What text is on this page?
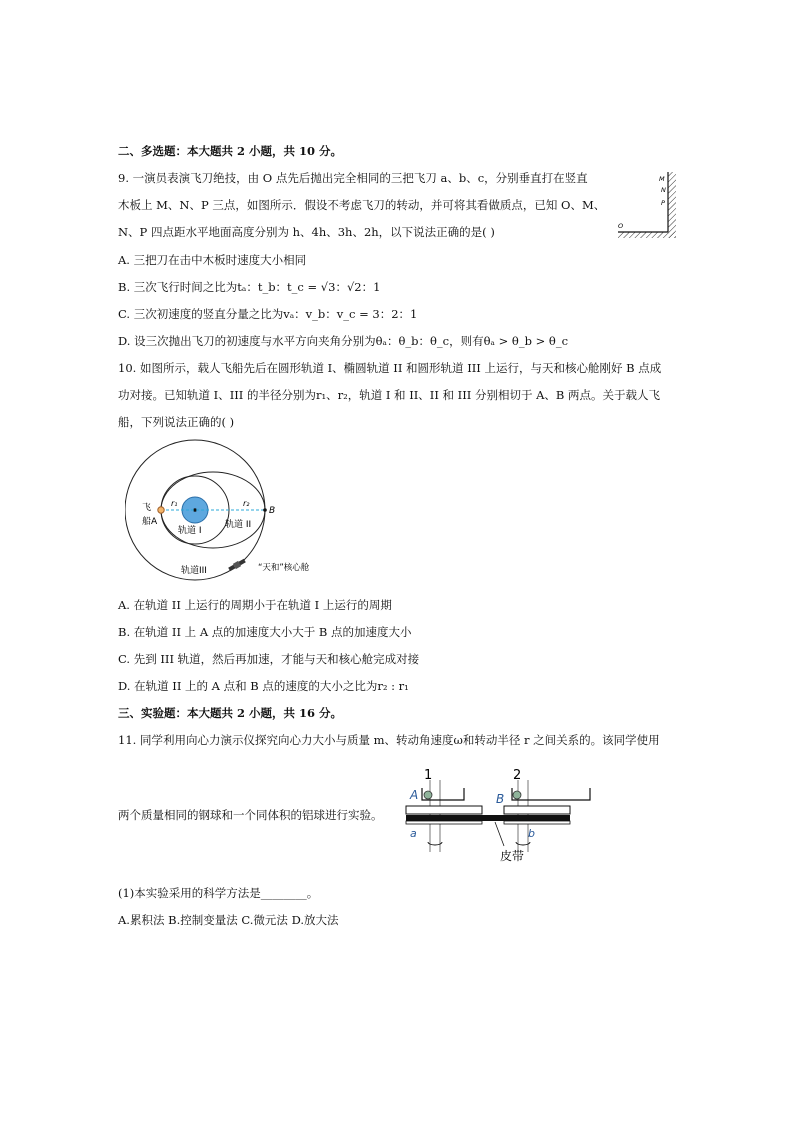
二、多选题：本大题共 2 小题，共 10 分。
9. 一演员表演飞刀绝技，由 O 点先后抛出完全相同的三把飞刀 a、b、c，分别垂直打在竖直
木板上 M、N、P 三点，如图所示．假设不考虑飞刀的转动，并可将其看做质点，已知 O、M、
N、P 四点距水平地面高度分别为 h、4h、3h、2h，以下说法正确的是( )
A. 三把刀在击中木板时速度大小相同
B. 三次飞行时间之比为tₐ：t_b：t_c = √3：√2：1
C. 三次初速度的竖直分量之比为vₐ：v_b：v_c = 3：2：1
D. 设三次抛出飞刀的初速度与水平方向夹角分别为θₐ：θ_b：θ_c，则有θₐ > θ_b > θ_c
M
N
P
O
10. 如图所示，载人飞船先后在圆形轨道 I、椭圆轨道 II 和圆形轨道 III 上运行，与天和核心舱刚好 B 点成
功对接。已知轨道 I、III 的半径分别为r₁、r₂，轨道 I 和 II、II 和 III 分别相切于 A、B 两点。关于载人飞
船，下列说法正确的( )
飞
船A
r₁	r₂
B
轨道 I
轨道 II
轨道III	“天和”核心舱
A. 在轨道 II 上运行的周期小于在轨道 I 上运行的周期
B. 在轨道 II 上 A 点的加速度大小大于 B 点的加速度大小
C. 先到 III 轨道，然后再加速，才能与天和核心舱完成对接
D. 在轨道 II 上的 A 点和 B 点的速度的大小之比为r₂ : r₁
三、实验题：本大题共 2 小题，共 16 分。
11. 同学利用向心力演示仪探究向心力大小与质量 m、转动角速度ω和转动半径 r 之间关系的。该同学使用
1	2
A	B
a	b
皮带
两个质量相同的钢球和一个同体积的铝球进行实验。
(1)本实验采用的科学方法是________。
A.累积法 B.控制变量法 C.微元法 D.放大法
